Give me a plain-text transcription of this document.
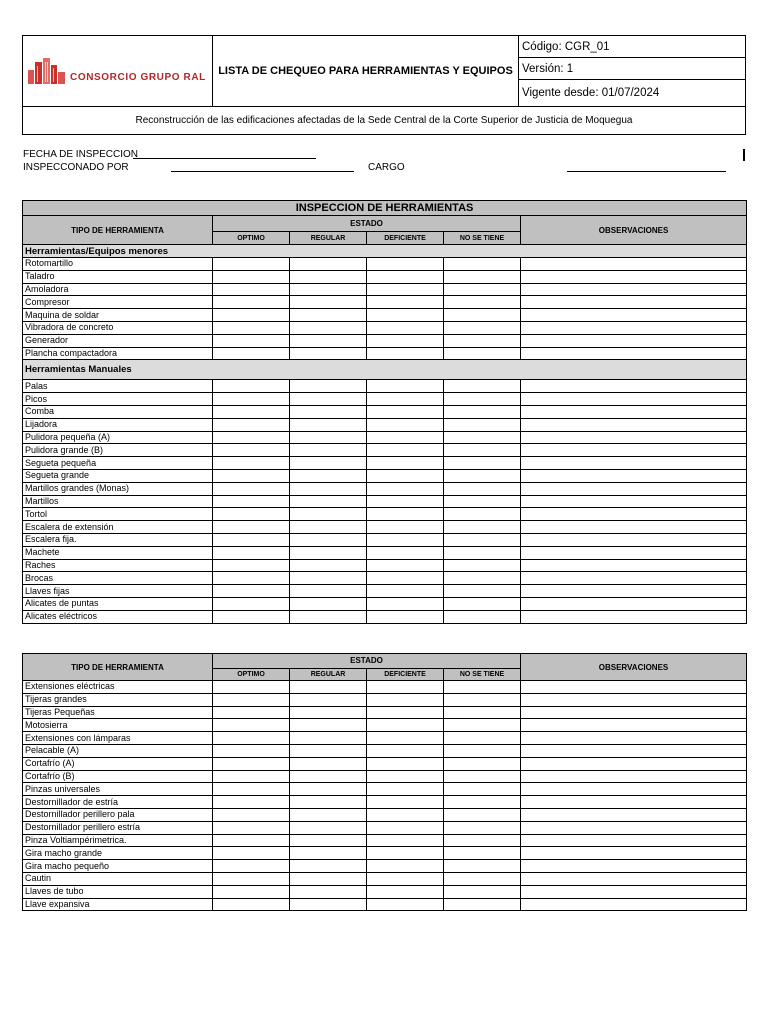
CONSORCIO GRUPO RAL
	LISTA DE CHEQUEO PARA HERRAMIENTAS Y EQUIPOS	Código: CGR_01
Versión: 1
Vigente desde: 01/07/2024
Reconstrucción de las edificaciones afectadas de la Sede Central de la Corte Superior de Justicia de Moquegua
FECHA DE INSPECCION
INSPECCONADO POR	CARGO
INSPECCION DE HERRAMIENTAS					
TIPO DE HERRAMIENTA	ESTADO				OBSERVACIONES
	OPTIMO	REGULAR	DEFICIENTE	NO SE TIENE	
Herramientas/Equipos menores					
Rotomartillo					
Taladro					
Amoladora					
Compresor					
Maquina de soldar					
Vibradora de concreto					
Generador					
Plancha compactadora					
Herramientas Manuales					
Palas					
Picos					
Comba					
Lijadora					
Pulidora pequeña (A)					
Pulidora grande (B)					
Segueta pequeña					
Segueta grande					
Martillos grandes (Monas)					
Martillos					
Tortol					
Escalera de extensión					
Escalera fija.					
Machete					
Raches					
Brocas					
Llaves fijas					
Alicates de puntas					
Alicates eléctricos					
TIPO DE HERRAMIENTA	ESTADO				OBSERVACIONES
	OPTIMO	REGULAR	DEFICIENTE	NO SE TIENE	
Extensiones eléctricas					
Tijeras grandes					
Tijeras Pequeñas					
Motosierra					
Extensiones con lámparas					
Pelacable (A)					
Cortafrío (A)					
Cortafrío (B)					
Pinzas universales					
Destornillador de estría					
Destornillador perillero pala					
Destornillador perillero estría					
Pinza Voltiampérimetrica.					
Gira macho grande					
Gira macho pequeño					
Cautin					
Llaves de tubo					
Llave expansiva					
